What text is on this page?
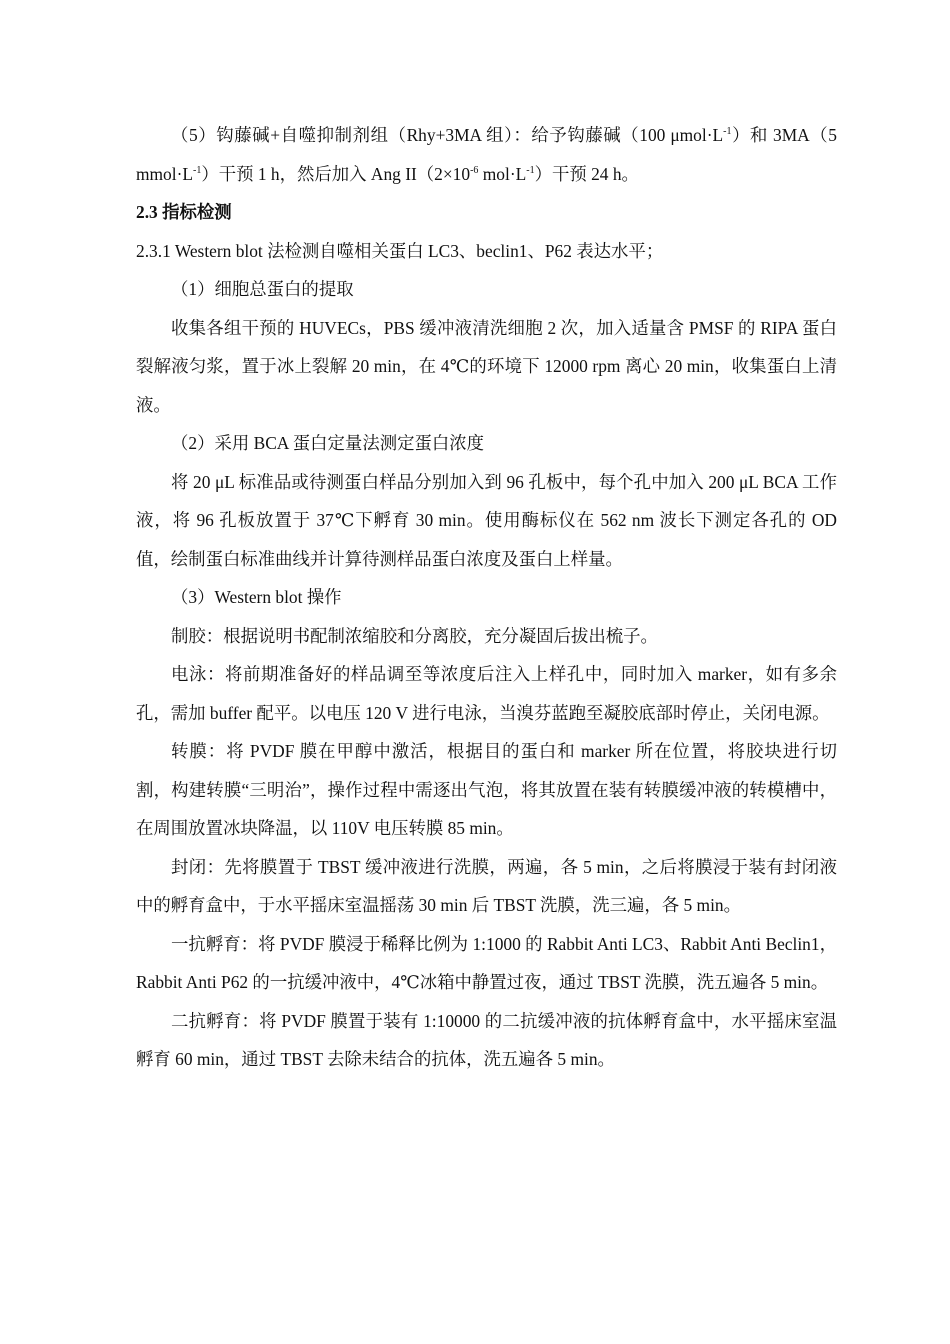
（5）钩藤碱+自噬抑制剂组（Rhy+3MA 组）：给予钩藤碱（100 $\mu mol\cdot L^{-1}$）和 3MA（5 $mmol\cdot L^{-1}$）干预 1 h，然后加入 Ang $II(2\times 10^{-6}$ $mol\cdot L^{-1}$）干预 24 h。

2.3 指标检测

2.3.1 Western blot 法检测自噬相关蛋白 LC3、beclin1、P62 表达水平；

（1）细胞总蛋白的提取

收集各组干预的 HUVECs，PBS 缓冲液清洗细胞 2 次，加入适量含 PMSF 的 RIPA 蛋白裂解液匀浆，置于冰上裂解 20 min，在 4℃的环境下 12000 rpm 离心 20 min，收集蛋白上清液。

（2）采用 BCA 蛋白定量法测定蛋白浓度

将 20 μL 标准品或待测蛋白样品分别加入到 96 孔板中，每个孔中加入 200 μL BCA 工作液，将 96 孔板放置于 37℃下孵育 30 min。使用酶标仪在 562 nm 波长下测定各孔的 OD 值，绘制蛋白标准曲线并计算待测样品蛋白浓度及蛋白上样量。

（3）Western blot 操作

制胶：根据说明书配制浓缩胶和分离胶，充分凝固后拔出梳子。

电泳：将前期准备好的样品调至等浓度后注入上样孔中，同时加入 marker，如有多余孔，需加 buffer 配平。以电压 120 V 进行电泳，当溴芬蓝跑至凝胶底部时停止，关闭电源。

转膜：将 PVDF 膜在甲醇中激活，根据目的蛋白和 marker 所在位置，将胶块进行切割，构建转膜“三明治”，操作过程中需逐出气泡，将其放置在装有转膜缓冲液的转模槽中，在周围放置冰块降温，以 110V 电压转膜 85 min。

封闭：先将膜置于 TBST 缓冲液进行洗膜，两遍，各 5 min，之后将膜浸于装有封闭液中的孵育盒中，于水平摇床室温摇荡 30 min 后 TBST 洗膜，洗三遍，各 5 min。

一抗孵育：将 PVDF 膜浸于稀释比例为 1:1000 的 Rabbit Anti LC3、Rabbit Anti Beclin1，Rabbit Anti P62 的一抗缓冲液中，4℃冰箱中静置过夜，通过 TBST 洗膜，洗五遍各 5 min。

二抗孵育：将 PVDF 膜置于装有 1:10000 的二抗缓冲液的抗体孵育盒中，水平摇床室温孵育 60 min，通过 TBST 去除未结合的抗体，洗五遍各 5 min。
